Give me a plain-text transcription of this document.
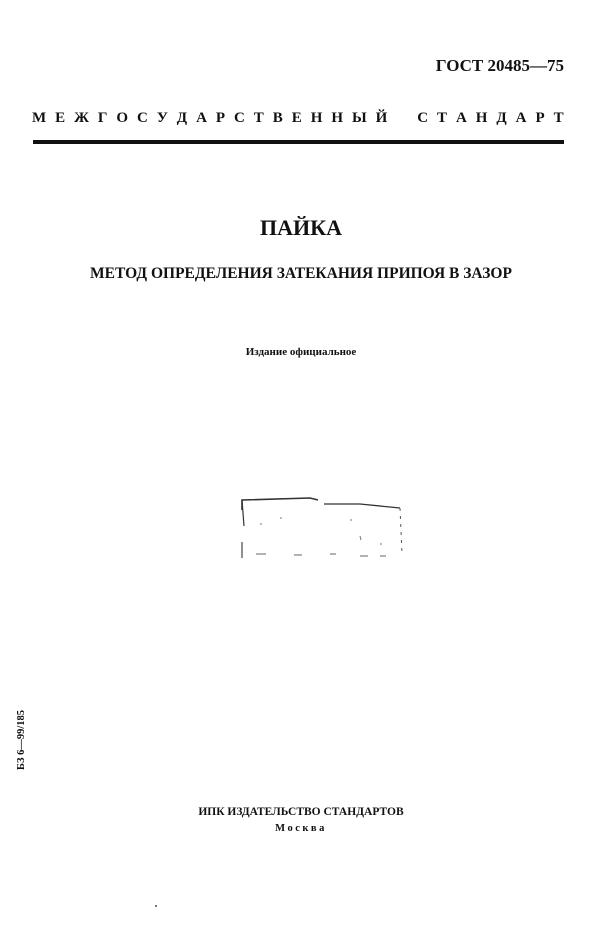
ГОСТ 20485—75
М Е Ж Г О С У Д А Р С Т В Е Н Н Ы Й С Т А Н Д А Р Т
ПАЙКА
МЕТОД ОПРЕДЕЛЕНИЯ ЗАТЕКАНИЯ ПРИПОЯ В ЗАЗОР
Издание официальное
БЗ 6—99/185
ИПК ИЗДАТЕЛЬСТВО СТАНДАРТОВ
Москва
